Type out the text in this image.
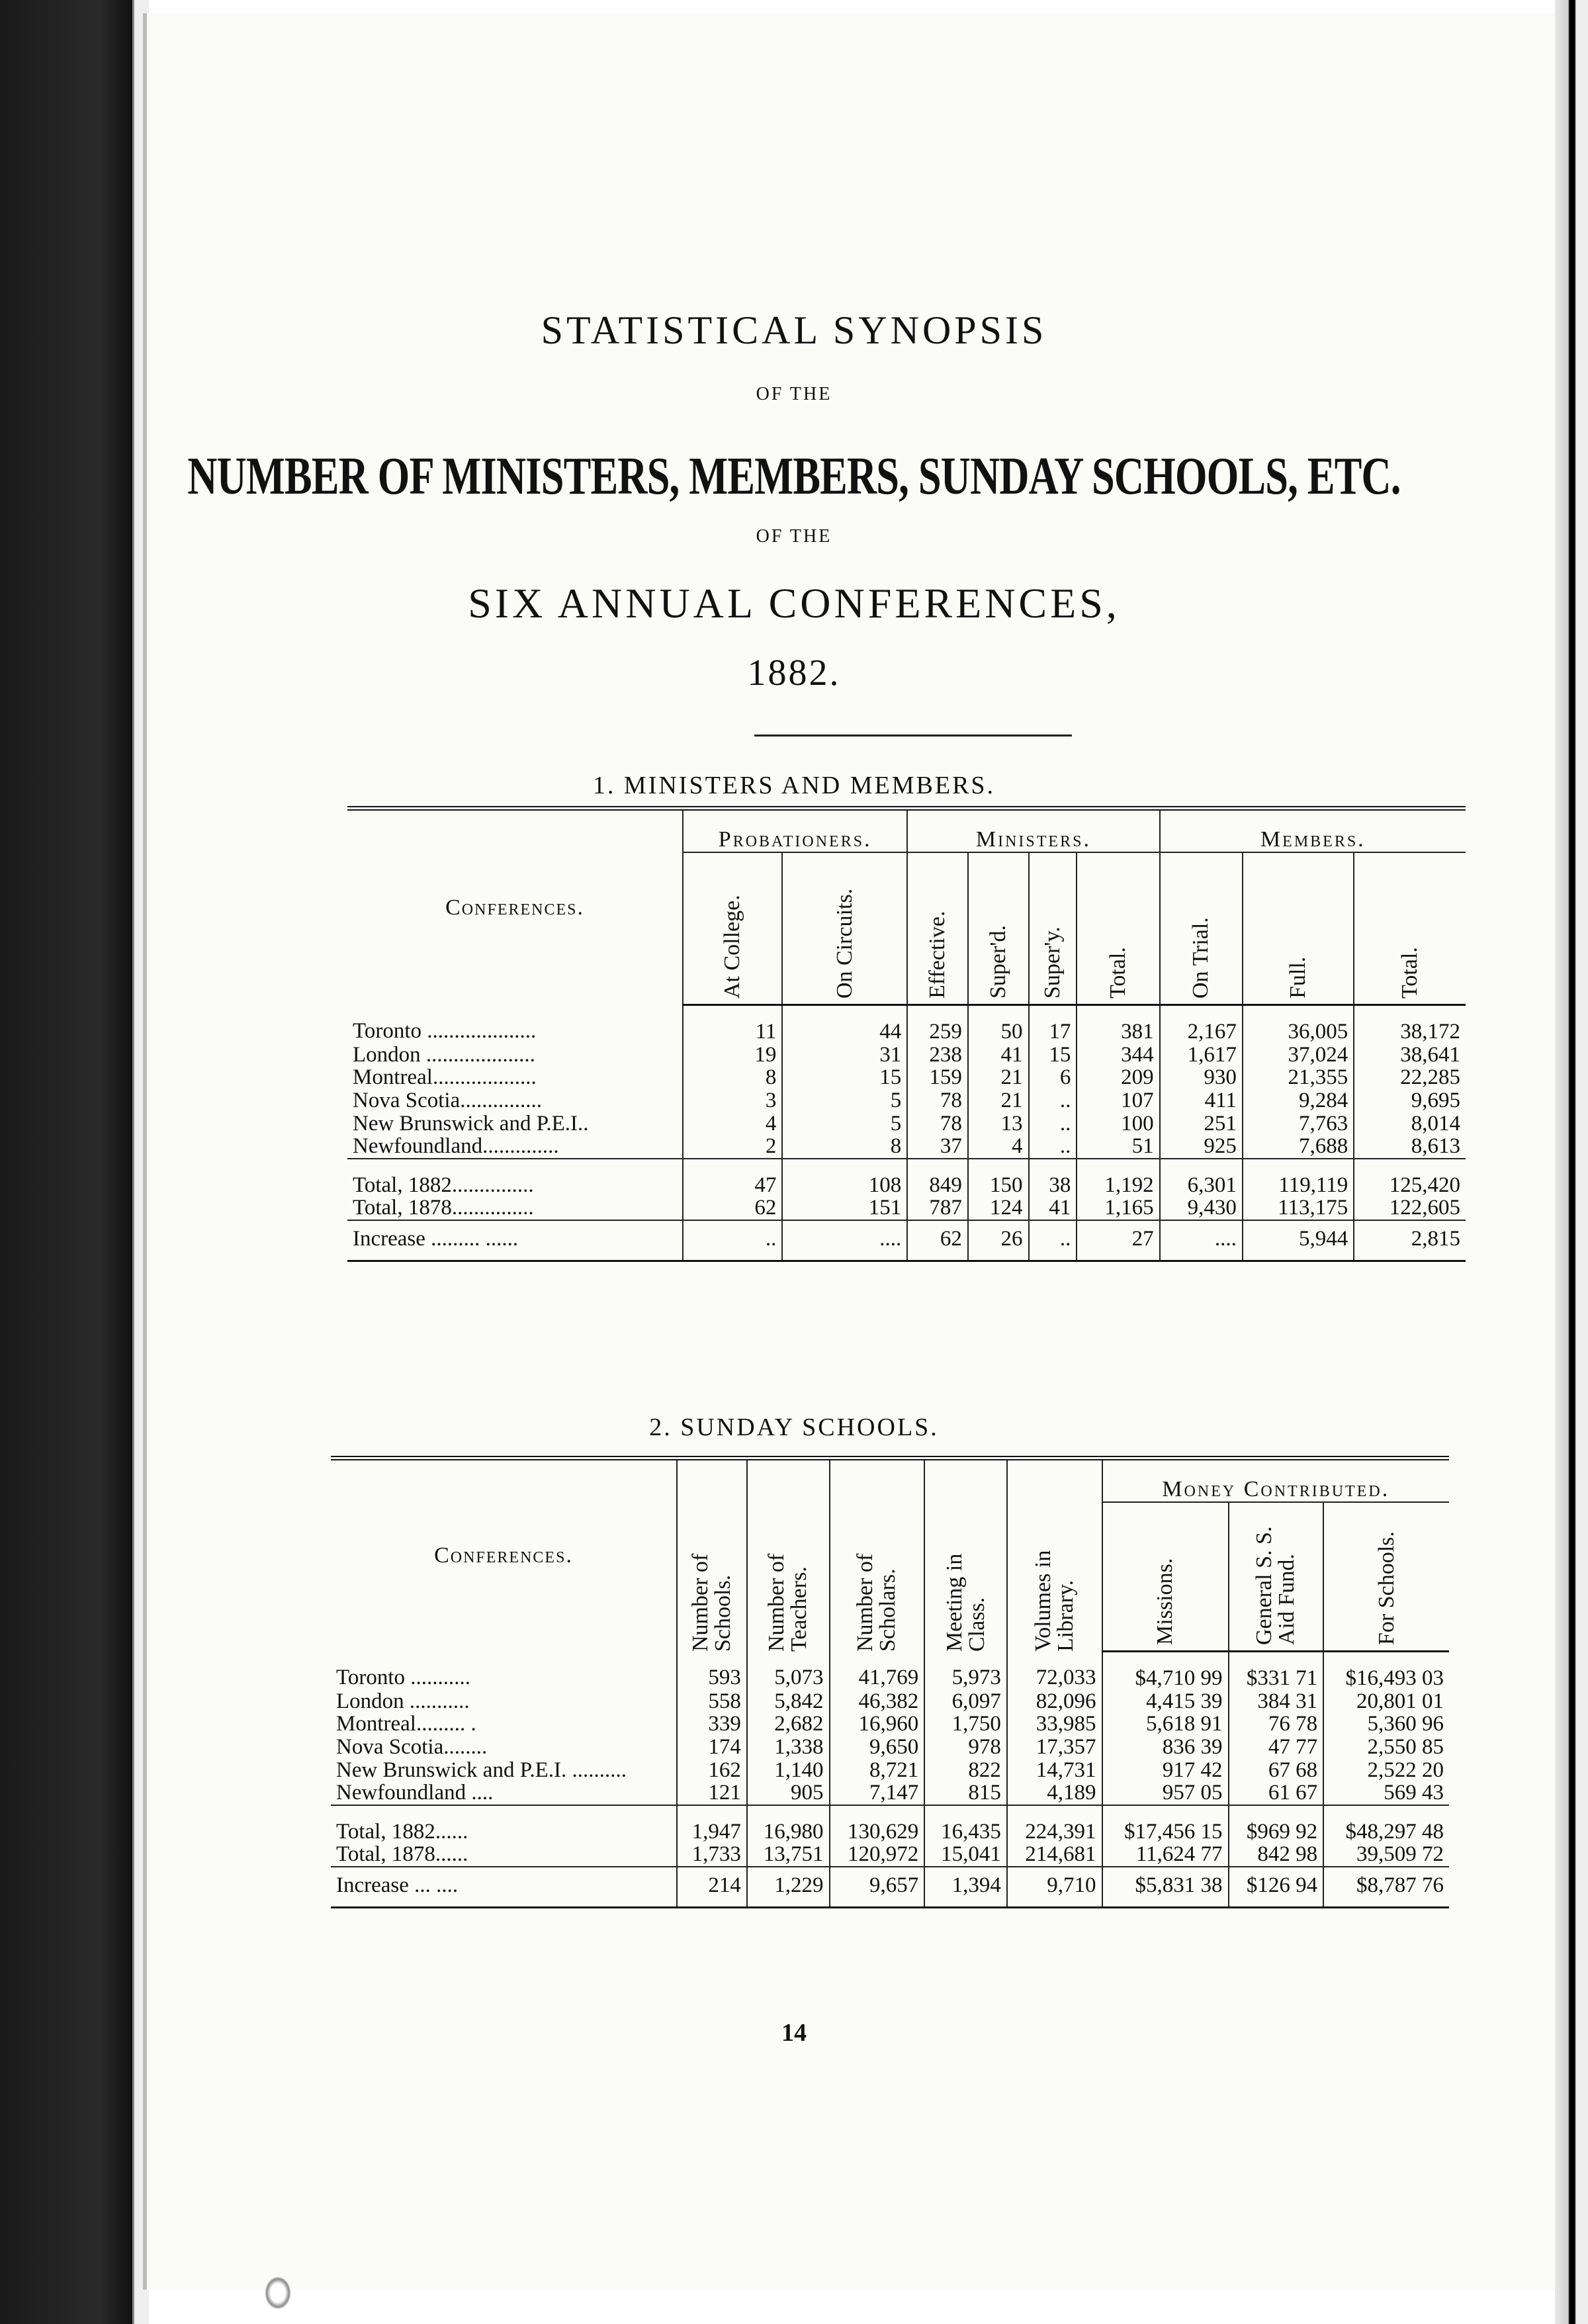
STATISTICAL SYNOPSIS
OF THE
NUMBER OF MINISTERS, MEMBERS, SUNDAY SCHOOLS, ETC.
OF THE
SIX ANNUAL CONFERENCES,
1882.
1. MINISTERS AND MEMBERS.
Conferences.	Probationers.		Ministers.				Members.		

	At College.	On Circuits.	Effective.	Super'd.	Super'y.	Total.	On Trial.	Full.	Total.

Toronto ....................	11	44	259	50	17	381	2,167	36,005	38,172
London ....................	19	31	238	41	15	344	1,617	37,024	38,641
Montreal...................	8	15	159	21	6	209	930	21,355	22,285
Nova Scotia...............	3	5	78	21	..	107	411	9,284	9,695
New Brunswick and P.E.I..	4	5	78	13	..	100	251	7,763	8,014
Newfoundland..............	2	8	37	4	..	51	925	7,688	8,613
Total, 1882...............	47	108	849	150	38	1,192	6,301	119,119	125,420
Total, 1878...............	62	151	787	124	41	1,165	9,430	113,175	122,605
Increase ......... ......	..	....	62	26	..	27	....	5,944	2,815
2. SUNDAY SCHOOLS.
Conferences.	Number of Schools.	Number of Teachers.	Number of Scholars.	Meeting in Class.	Volumes in Library.	Money Contributed.		

						Missions.	General S. S. Aid Fund.	For Schools.

Toronto ...........	593	5,073	41,769	5,973	72,033	$4,710 99	$331 71	$16,493 03
London ...........	558	5,842	46,382	6,097	82,096	4,415 39	384 31	20,801 01
Montreal......... .	339	2,682	16,960	1,750	33,985	5,618 91	76 78	5,360 96
Nova Scotia........	174	1,338	9,650	978	17,357	836 39	47 77	2,550 85
New Brunswick and P.E.I. ..........	162	1,140	8,721	822	14,731	917 42	67 68	2,522 20
Newfoundland ....	121	905	7,147	815	4,189	957 05	61 67	569 43
Total, 1882......	1,947	16,980	130,629	16,435	224,391	$17,456 15	$969 92	$48,297 48
Total, 1878......	1,733	13,751	120,972	15,041	214,681	11,624 77	842 98	39,509 72
Increase ... ....	214	1,229	9,657	1,394	9,710	$5,831 38	$126 94	$8,787 76
14
